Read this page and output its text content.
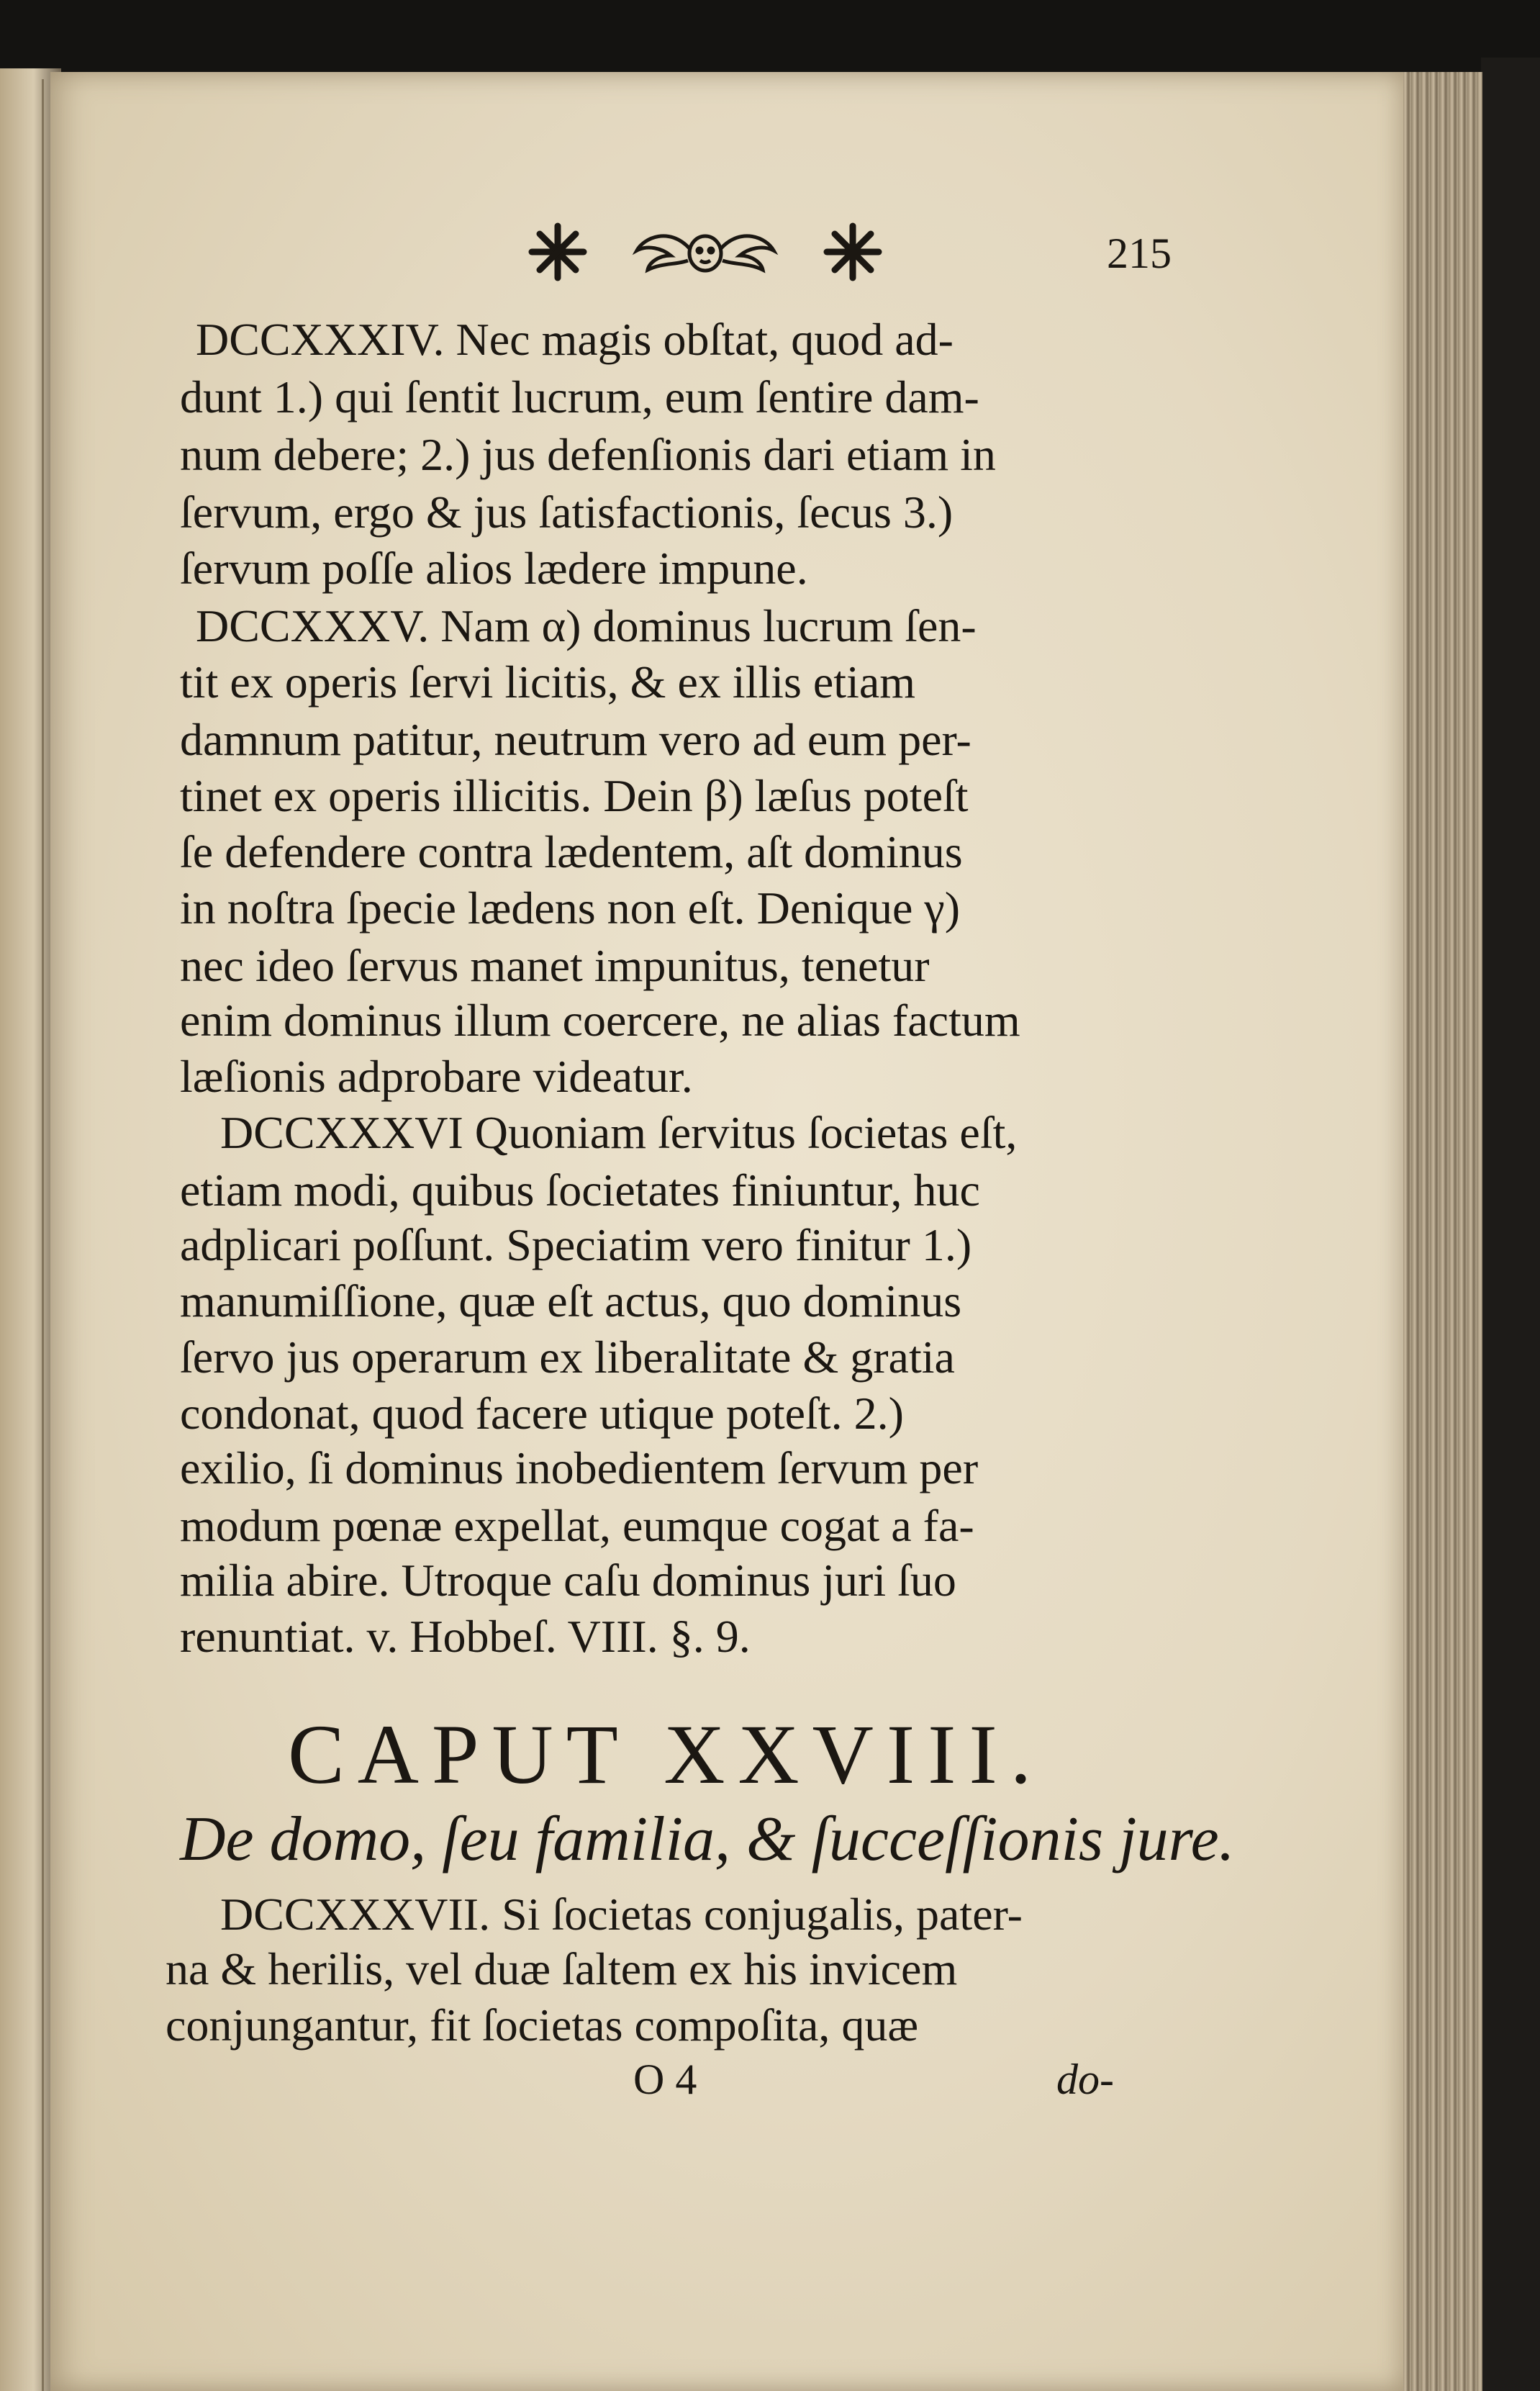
215
DCCXXXIV. Nec magis obſtat, quod ad-
dunt 1.) qui ſentit lucrum, eum ſentire dam-
num debere; 2.) jus defenſionis dari etiam in
ſervum, ergo & jus ſatisfactionis, ſecus 3.)
ſervum poſſe alios lædere impune.
DCCXXXV. Nam α) dominus lucrum ſen-
tit ex operis ſervi licitis, & ex illis etiam
damnum patitur, neutrum vero ad eum per-
tinet ex operis illicitis. Dein β) læſus poteſt
ſe defendere contra lædentem, aſt dominus
in noſtra ſpecie lædens non eſt. Denique γ)
nec ideo ſervus manet impunitus, tenetur
enim dominus illum coercere, ne alias factum
læſionis adprobare videatur.
DCCXXXVI Quoniam ſervitus ſocietas eſt,
etiam modi, quibus ſocietates finiuntur, huc
adplicari poſſunt. Speciatim vero finitur 1.)
manumiſſione, quæ eſt actus, quo dominus
ſervo jus operarum ex liberalitate & gratia
condonat, quod facere utique poteſt. 2.)
exilio, ſi dominus inobedientem ſervum per
modum pœnæ expellat, eumque cogat a fa-
milia abire. Utroque caſu dominus juri ſuo
renuntiat. v. Hobbeſ. VIII. §. 9.
CAPUT XXVIII.
De domo, ſeu familia, & ſucceſſionis jure.
DCCXXXVII. Si ſocietas conjugalis, pater-
na & herilis, vel duæ ſaltem ex his invicem
conjungantur, fit ſocietas compoſita, quæ
O 4	do-
